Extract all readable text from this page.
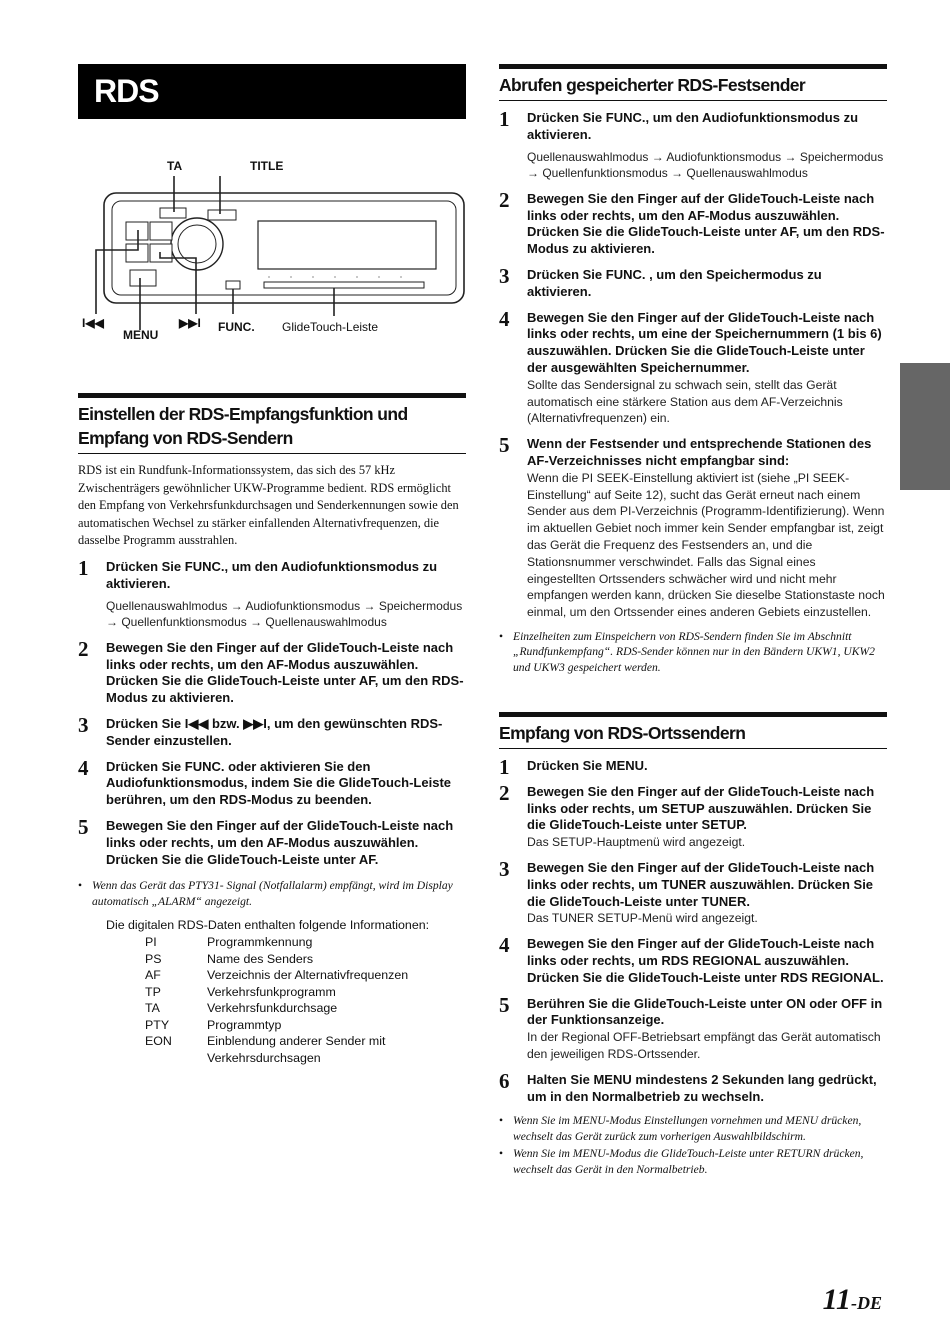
RDS
TA	TITLE
I◀◀
MENU
▶▶I FUNC. GlideTouch-Leiste
Einstellen der RDS-Empfangsfunktion und Empfang von RDS-Sendern
RDS ist ein Rundfunk-Informationssystem, das sich des 57 kHz Zwischenträgers gewöhnlicher UKW-Programme bedient. RDS ermöglicht den Empfang von Verkehrsfunkdurchsagen und Senderkennungen sowie den automatischen Wechsel zu stärker einfallenden Alternativfrequenzen, die dasselbe Programm ausstrahlen.
1 Drücken Sie FUNC., um den Audiofunktionsmodus zu aktivieren.
Quellenauswahlmodus → Audiofunktionsmodus → Speichermodus → Quellenfunktionsmodus → Quellenauswahlmodus
2 Bewegen Sie den Finger auf der GlideTouch-Leiste nach links oder rechts, um den AF-Modus auszuwählen. Drücken Sie die GlideTouch-Leiste unter AF, um den RDS-Modus zu aktivieren.
3 Drücken Sie I◀◀ bzw. ▶▶I, um den gewünschten RDS-Sender einzustellen.
4 Drücken Sie FUNC. oder aktivieren Sie den Audiofunktionsmodus, indem Sie die GlideTouch-Leiste berühren, um den RDS-Modus zu beenden.
5 Bewegen Sie den Finger auf der GlideTouch-Leiste nach links oder rechts, um den AF-Modus auszuwählen. Drücken Sie die GlideTouch-Leiste unter AF.
• Wenn das Gerät das PTY31- Signal (Notfallalarm) empfängt, wird im Display automatisch „ALARM“ angezeigt.
Die digitalen RDS-Daten enthalten folgende Informationen:
PI	Programmkennung
PS	Name des Senders
AF	Verzeichnis der Alternativfrequenzen
TP	Verkehrsfunkprogramm
TA	Verkehrsfunkdurchsage
PTY	Programmtyp
EON	Einblendung anderer Sender mit Verkehrsdurchsagen
Abrufen gespeicherter RDS-Festsender
1 Drücken Sie FUNC., um den Audiofunktionsmodus zu aktivieren.
Quellenauswahlmodus → Audiofunktionsmodus → Speichermodus → Quellenfunktionsmodus → Quellenauswahlmodus
2 Bewegen Sie den Finger auf der GlideTouch-Leiste nach links oder rechts, um den AF-Modus auszuwählen. Drücken Sie die GlideTouch-Leiste unter AF, um den RDS-Modus zu aktivieren.
3 Drücken Sie FUNC. , um den Speichermodus zu aktivieren.
4 Bewegen Sie den Finger auf der GlideTouch-Leiste nach links oder rechts, um eine der Speichernummern (1 bis 6) auszuwählen. Drücken Sie die GlideTouch-Leiste unter der ausgewählten Speichernummer.
Sollte das Sendersignal zu schwach sein, stellt das Gerät automatisch eine stärkere Station aus dem AF-Verzeichnis (Alternativfrequenzen) ein.
5 Wenn der Festsender und entsprechende Stationen des AF-Verzeichnisses nicht empfangbar sind:
Wenn die PI SEEK-Einstellung aktiviert ist (siehe „PI SEEK-Einstellung“ auf Seite 12), sucht das Gerät erneut nach einem Sender aus dem PI-Verzeichnis (Programm-Identifizierung). Wenn im aktuellen Gebiet noch immer kein Sender empfangbar ist, zeigt das Gerät die Frequenz des Festsenders an, und die Stationsnummer verschwindet. Falls das Signal eines eingestellten Ortssenders schwächer wird und nicht mehr empfangen werden kann, drücken Sie dieselbe Stationstaste noch einmal, um den Ortssender eines anderen Gebiets einzustellen.
• Einzelheiten zum Einspeichern von RDS-Sendern finden Sie im Abschnitt „Rundfunkempfang“. RDS-Sender können nur in den Bändern UKW1, UKW2 und UKW3 gespeichert werden.
Empfang von RDS-Ortssendern
1 Drücken Sie MENU.
2 Bewegen Sie den Finger auf der GlideTouch-Leiste nach links oder rechts, um SETUP auszuwählen. Drücken Sie die GlideTouch-Leiste unter SETUP.
Das SETUP-Hauptmenü wird angezeigt.
3 Bewegen Sie den Finger auf der GlideTouch-Leiste nach links oder rechts, um TUNER auszuwählen. Drücken Sie die GlideTouch-Leiste unter TUNER.
Das TUNER SETUP-Menü wird angezeigt.
4 Bewegen Sie den Finger auf der GlideTouch-Leiste nach links oder rechts, um RDS REGIONAL auszuwählen. Drücken Sie die GlideTouch-Leiste unter RDS REGIONAL.
5 Berühren Sie die GlideTouch-Leiste unter ON oder OFF in der Funktionsanzeige.
In der Regional OFF-Betriebsart empfängt das Gerät automatisch den jeweiligen RDS-Ortssender.
6 Halten Sie MENU mindestens 2 Sekunden lang gedrückt, um in den Normalbetrieb zu wechseln.
• Wenn Sie im MENU-Modus Einstellungen vornehmen und MENU drücken, wechselt das Gerät zurück zum vorherigen Auswahlbildschirm.
• Wenn Sie im MENU-Modus die GlideTouch-Leiste unter RETURN drücken, wechselt das Gerät in den Normalbetrieb.
11-DE
